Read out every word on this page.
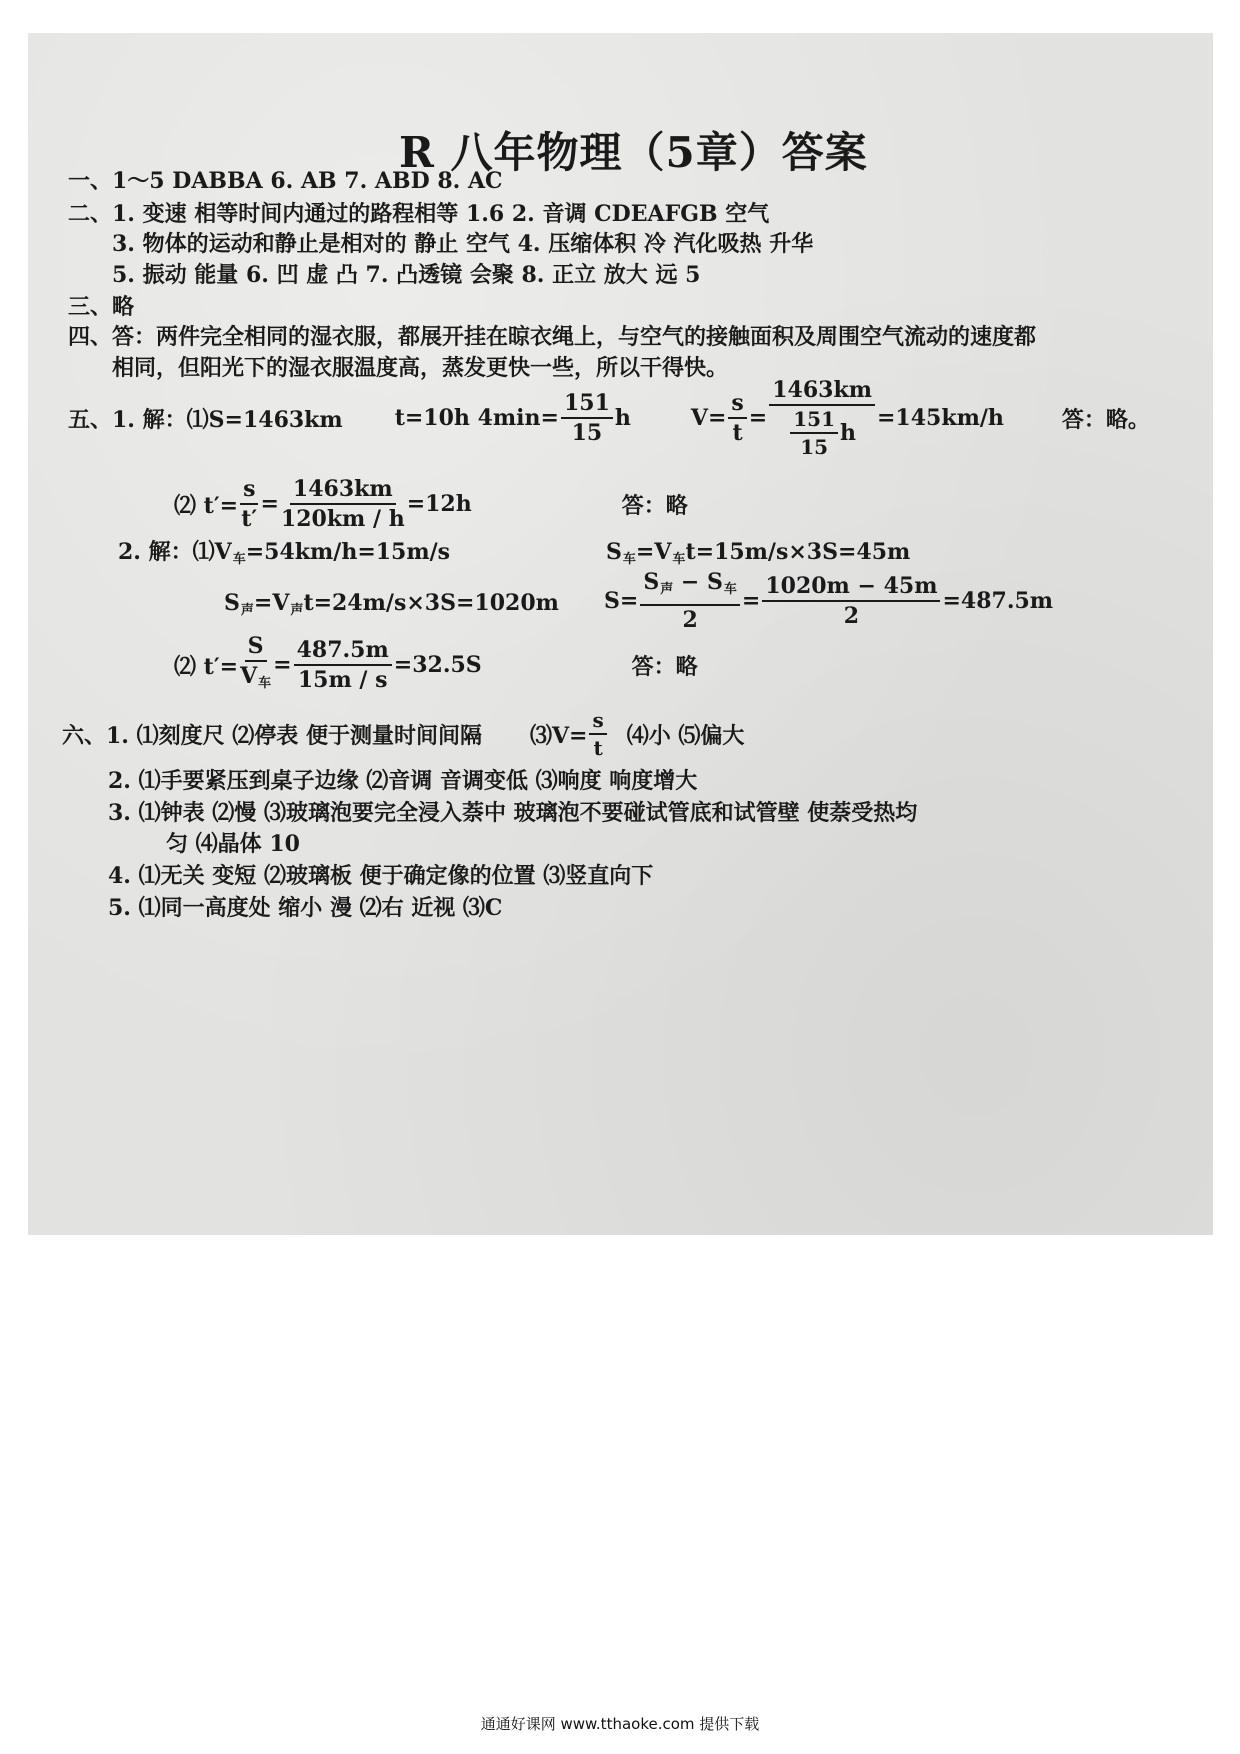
R 八年物理（5章）答案
一、1～5 DABBA 6. AB 7. ABD 8. AC
二、1. 变速 相等时间内通过的路程相等 1.6 2. 音调 CDEAFGB 空气
3. 物体的运动和静止是相对的 静止 空气 4. 压缩体积 冷 汽化吸热 升华
5. 振动 能量 6. 凹 虚 凸 7. 凸透镜 会聚 8. 正立 放大 远 5
三、略
四、答：两件完全相同的湿衣服，都展开挂在晾衣绳上，与空气的接触面积及周围空气流动的速度都
相同，但阳光下的湿衣服温度高，蒸发更快一些，所以干得快。
五、1. 解：⑴S=1463km t=10h $4\min= \frac{151}{15}$ h	$V= \frac{s}{t} = \frac{1463km}{\frac{151}{15} h} =145km/h$	答：略。
⑵ $t'= \frac{s}{t'} = \frac{1463km}{120km / h} =12h$	答：略
2. 解：$⑴V_车=54km/h=15m/s$	$S_车=V_车t=15m/s\times 3S=45m$
$S_声=V_声t=24m/s\times 3S=1020m$ $S= \frac{S_声 - S_车}{2} = \frac{1020m - 45m}{2} =487.5m$
⑵ $t'= \frac{S}{V_车} = \frac{487.5m}{15m / s} =32.5S$	答：略
六、1. ⑴刻度尺 ⑵停表 便于测量时间间隔 ⑶V= $\frac{s}{t}$ ⑷小 ⑸偏大
2. ⑴手要紧压到桌子边缘 ⑵音调 音调变低 ⑶响度 响度增大
3. ⑴钟表 ⑵慢 ⑶玻璃泡要完全浸入萘中 玻璃泡不要碰试管底和试管壁 使萘受热均
匀 ⑷晶体 10
4. ⑴无关 变短 ⑵玻璃板 便于确定像的位置 ⑶竖直向下
5. ⑴同一高度处 缩小 漫 ⑵右 近视 ⑶C
通通好课网 www.tthaoke.com 提供下载
